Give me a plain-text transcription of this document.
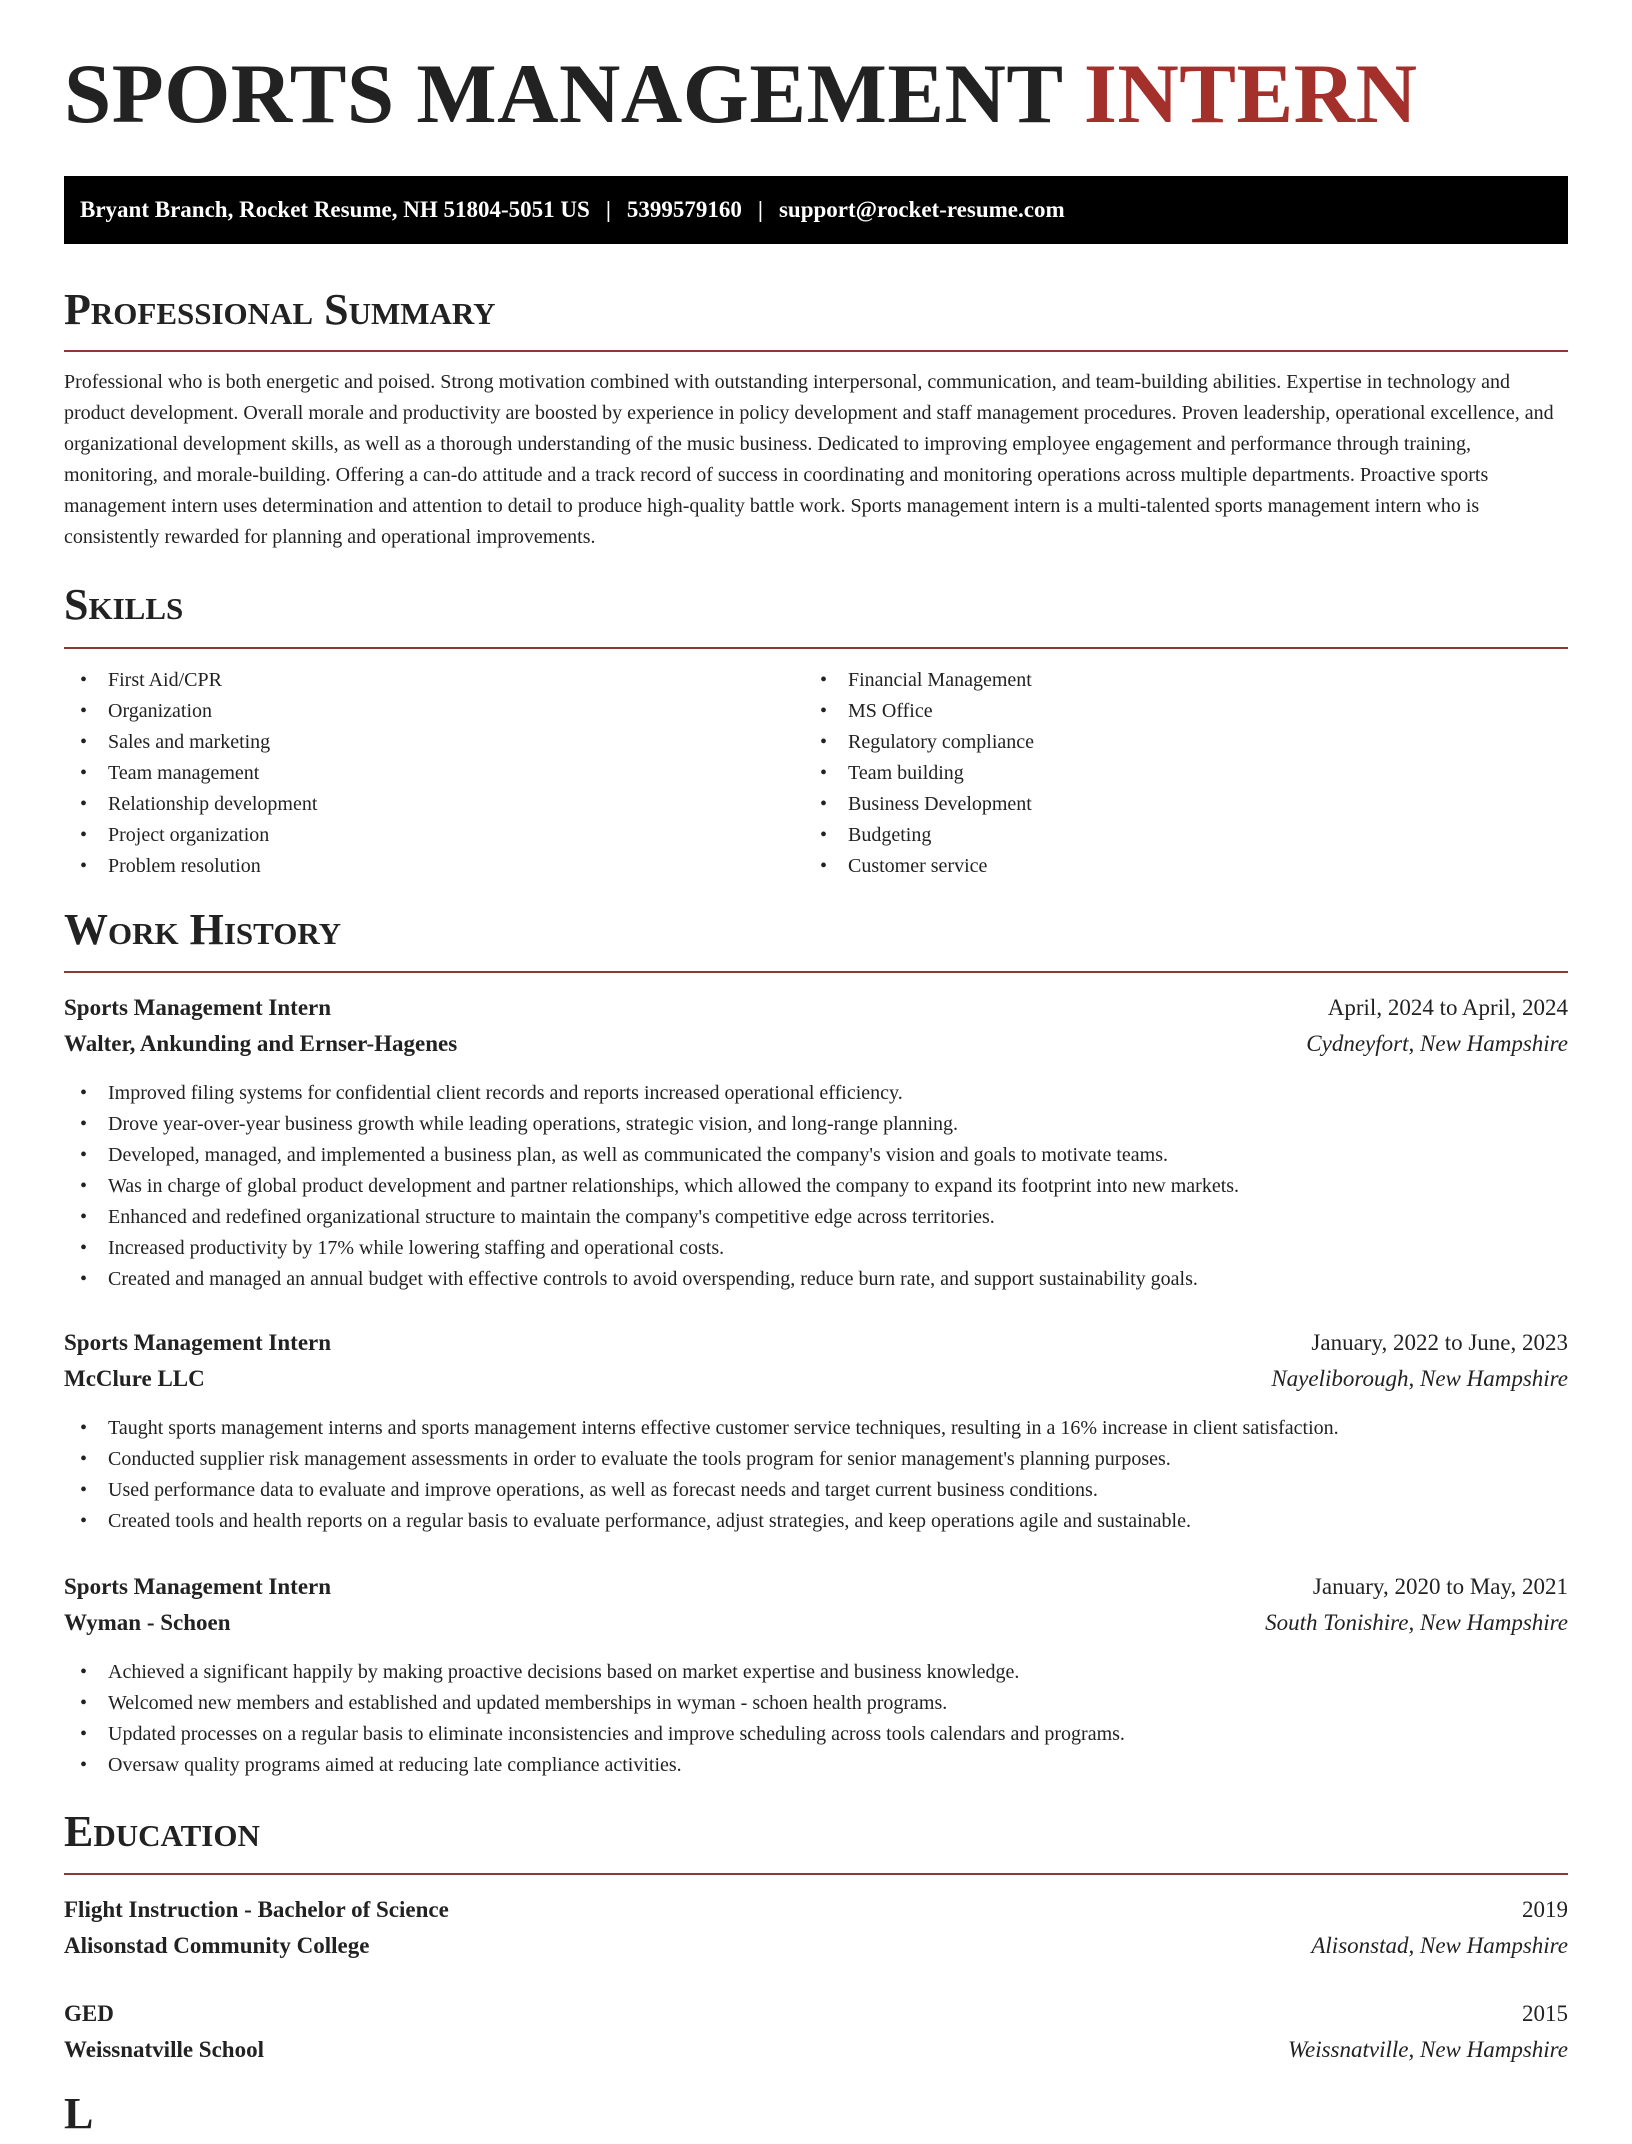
SPORTS MANAGEMENT INTERN
Bryant Branch, Rocket Resume, NH 51804-5051 US | 5399579160 | support@rocket-resume.com
Professional Summary
Professional who is both energetic and poised. Strong motivation combined with outstanding interpersonal, communication, and team-building abilities. Expertise in technology and product development. Overall morale and productivity are boosted by experience in policy development and staff management procedures. Proven leadership, operational excellence, and organizational development skills, as well as a thorough understanding of the music business. Dedicated to improving employee engagement and performance through training, monitoring, and morale-building. Offering a can-do attitude and a track record of success in coordinating and monitoring operations across multiple departments. Proactive sports management intern uses determination and attention to detail to produce high-quality battle work. Sports management intern is a multi-talented sports management intern who is consistently rewarded for planning and operational improvements.
Skills
• First Aid/CPR
• Organization
• Sales and marketing
• Team management
• Relationship development
• Project organization
• Problem resolution
• Financial Management
• MS Office
• Regulatory compliance
• Team building
• Business Development
• Budgeting
• Customer service
Work History
Sports Management Intern	April, 2024 to April, 2024
Walter, Ankunding and Ernser-Hagenes	Cydneyfort, New Hampshire
• Improved filing systems for confidential client records and reports increased operational efficiency.
• Drove year-over-year business growth while leading operations, strategic vision, and long-range planning.
• Developed, managed, and implemented a business plan, as well as communicated the company's vision and goals to motivate teams.
• Was in charge of global product development and partner relationships, which allowed the company to expand its footprint into new markets.
• Enhanced and redefined organizational structure to maintain the company's competitive edge across territories.
• Increased productivity by 17% while lowering staffing and operational costs.
• Created and managed an annual budget with effective controls to avoid overspending, reduce burn rate, and support sustainability goals.
Sports Management Intern	January, 2022 to June, 2023
McClure LLC	Nayeliborough, New Hampshire
• Taught sports management interns and sports management interns effective customer service techniques, resulting in a 16% increase in client satisfaction.
• Conducted supplier risk management assessments in order to evaluate the tools program for senior management's planning purposes.
• Used performance data to evaluate and improve operations, as well as forecast needs and target current business conditions.
• Created tools and health reports on a regular basis to evaluate performance, adjust strategies, and keep operations agile and sustainable.
Sports Management Intern	January, 2020 to May, 2021
Wyman - Schoen	South Tonishire, New Hampshire
• Achieved a significant happily by making proactive decisions based on market expertise and business knowledge.
• Welcomed new members and established and updated memberships in wyman - schoen health programs.
• Updated processes on a regular basis to eliminate inconsistencies and improve scheduling across tools calendars and programs.
• Oversaw quality programs aimed at reducing late compliance activities.
Education
Flight Instruction - Bachelor of Science	2019
Alisonstad Community College	Alisonstad, New Hampshire
GED	2015
Weissnatville School	Weissnatville, New Hampshire
L
